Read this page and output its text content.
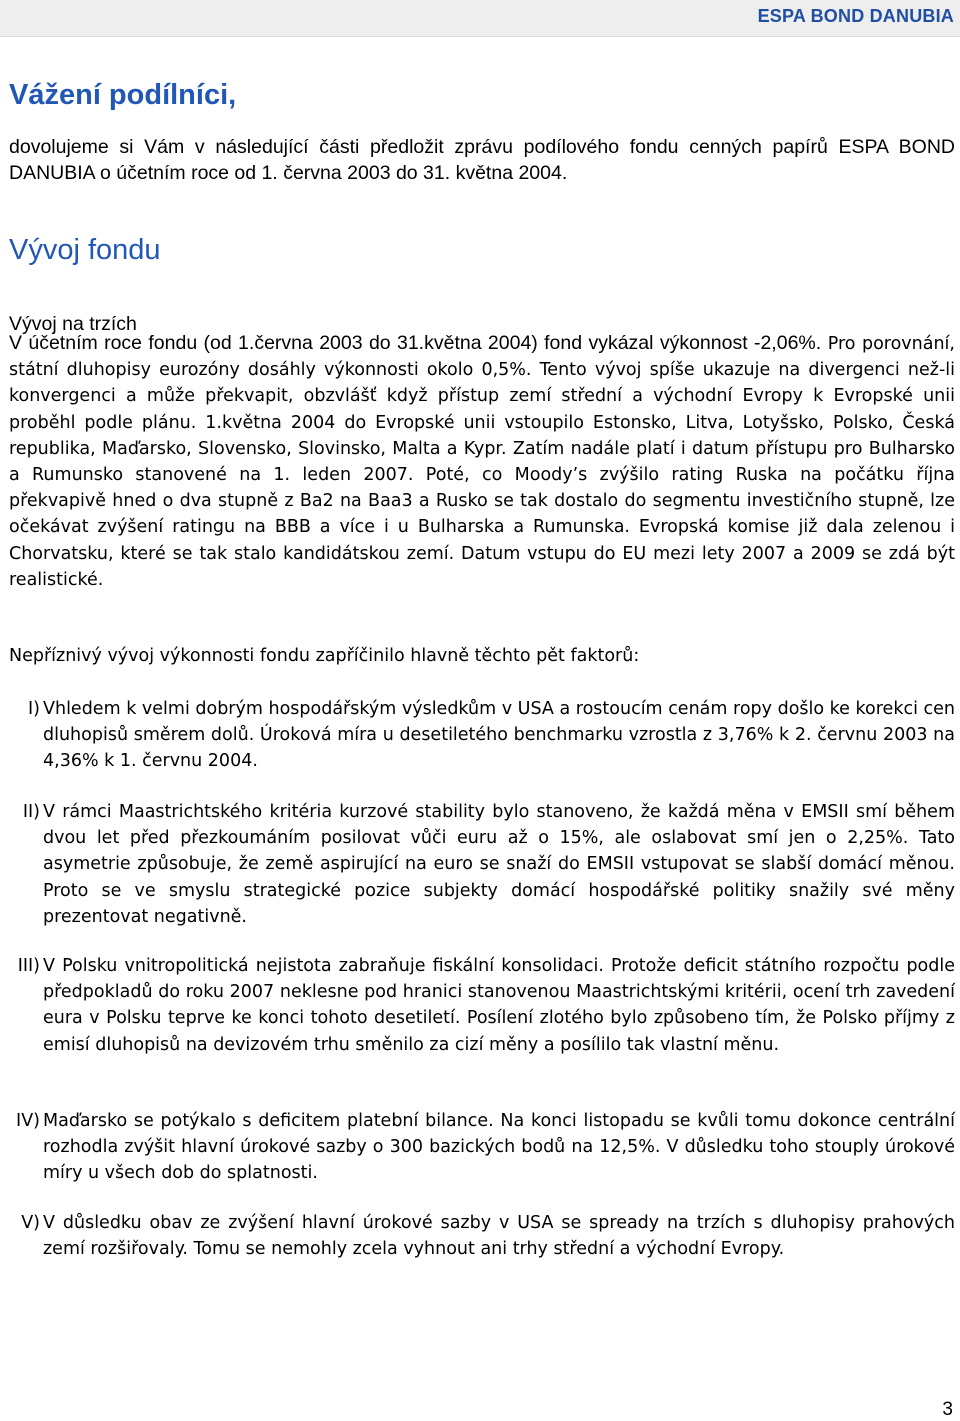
ESPA BOND DANUBIA
Vážení podílníci,

dovolujeme si Vám v následující části předložit zprávu podílového fondu cenných papírů ESPA BOND DANUBIA o účetním roce od 1. června 2003 do 31. května 2004.

Vývoj fondu
Vývoj na trzích

V účetním roce fondu (od 1.června 2003 do 31.května 2004) fond vykázal výkonnost -2,06%. Pro porovnání, státní dluhopisy eurozóny dosáhly výkonnosti okolo 0,5%. Tento vývoj spíše ukazuje na divergenci než-li konvergenci a může překvapit, obzvlášť když přístup zemí střední a východní Evropy k Evropské unii proběhl podle plánu. 1.května 2004 do Evropské unii vstoupilo Estonsko, Litva, Lotyšsko, Polsko, Česká republika, Maďarsko, Slovensko, Slovinsko, Malta a Kypr. Zatím nadále platí i datum přístupu pro Bulharsko a Rumunsko stanovené na 1. leden 2007. Poté, co Moody’s zvýšilo rating Ruska na počátku října překvapivě hned o dva stupně z Ba2 na Baa3 a Rusko se tak dostalo do segmentu investičního stupně, lze očekávat zvýšení ratingu na BBB a více i u Bulharska a Rumunska. Evropská komise již dala zelenou i Chorvatsku, které se tak stalo kandidátskou zemí. Datum vstupu do EU mezi lety 2007 a 2009 se zdá být realistické.

Nepříznivý vývoj výkonnosti fondu zapříčinilo hlavně těchto pět faktorů:

I) Vhledem k velmi dobrým hospodářským výsledkům v USA a rostoucím cenám ropy došlo ke korekci cen dluhopisů směrem dolů. Úroková míra u desetiletého benchmarku vzrostla z 3,76% k 2. červnu 2003 na 4,36% k 1. červnu 2004.

II) V rámci Maastrichtského kritéria kurzové stability bylo stanoveno, že každá měna v EMSII smí během dvou let před přezkoumáním posilovat vůči euru až o 15%, ale oslabovat smí jen o 2,25%. Tato asymetrie způsobuje, že země aspirující na euro se snaží do EMSII vstupovat se slabší domácí měnou. Proto se ve smyslu strategické pozice subjekty domácí hospodářské politiky snažily své měny prezentovat negativně.

III) V Polsku vnitropolitická nejistota zabraňuje fiskální konsolidaci. Protože deficit státního rozpočtu podle předpokladů do roku 2007 neklesne pod hranici stanovenou Maastrichtskými kritérii, ocení trh zavedení eura v Polsku teprve ke konci tohoto desetiletí. Posílení zlotého bylo způsobeno tím, že Polsko příjmy z emisí dluhopisů na devizovém trhu směnilo za cizí měny a posílilo tak vlastní měnu.

IV) Maďarsko se potýkalo s deficitem platební bilance. Na konci listopadu se kvůli tomu dokonce centrální rozhodla zvýšit hlavní úrokové sazby o 300 bazických bodů na 12,5%. V důsledku toho stouply úrokové míry u všech dob do splatnosti.

V) V důsledku obav ze zvýšení hlavní úrokové sazby v USA se spready na trzích s dluhopisy prahových zemí rozšiřovaly. Tomu se nemohly zcela vyhnout ani trhy střední a východní Evropy.

3
